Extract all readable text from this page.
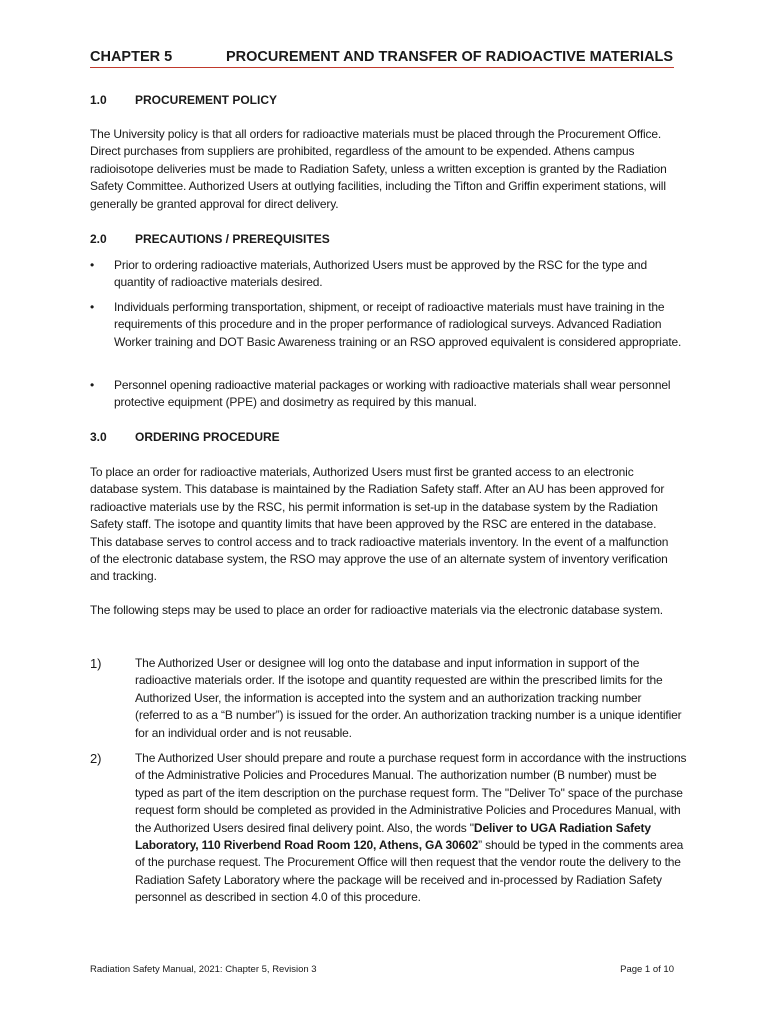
CHAPTER 5	PROCUREMENT AND TRANSFER OF RADIOACTIVE MATERIALS
1.0 PROCUREMENT POLICY

The University policy is that all orders for radioactive materials must be placed through the Procurement Office. Direct purchases from suppliers are prohibited, regardless of the amount to be expended. Athens campus radioisotope deliveries must be made to Radiation Safety, unless a written exception is granted by the Radiation Safety Committee. Authorized Users at outlying facilities, including the Tifton and Griffin experiment stations, will generally be granted approval for direct delivery.

2.0 PRECAUTIONS / PREREQUISITES
• Prior to ordering radioactive materials, Authorized Users must be approved by the RSC for the type and quantity of radioactive materials desired.
• Individuals performing transportation, shipment, or receipt of radioactive materials must have training in the requirements of this procedure and in the proper performance of radiological surveys. Advanced Radiation Worker training and DOT Basic Awareness training or an RSO approved equivalent is considered appropriate.
• Personnel opening radioactive material packages or working with radioactive materials shall wear personnel protective equipment (PPE) and dosimetry as required by this manual.
3.0 ORDERING PROCEDURE

To place an order for radioactive materials, Authorized Users must first be granted access to an electronic database system. This database is maintained by the Radiation Safety staff. After an AU has been approved for radioactive materials use by the RSC, his permit information is set-up in the database system by the Radiation Safety staff. The isotope and quantity limits that have been approved by the RSC are entered in the database. This database serves to control access and to track radioactive materials inventory. In the event of a malfunction of the electronic database system, the RSO may approve the use of an alternate system of inventory verification and tracking.

The following steps may be used to place an order for radioactive materials via the electronic database system.

1)	The Authorized User or designee will log onto the database and input information in support of the radioactive materials order. If the isotope and quantity requested are within the prescribed limits for the Authorized User, the information is accepted into the system and an authorization tracking number (referred to as a “B number”) is issued for the order. An authorization tracking number is a unique identifier for an individual order and is not reusable.
2)	The Authorized User should prepare and route a purchase request form in accordance with the instructions of the Administrative Policies and Procedures Manual. The authorization number (B number) must be typed as part of the item description on the purchase request form. The "Deliver To" space of the purchase request form should be completed as provided in the Administrative Policies and Procedures Manual, with the Authorized Users desired final delivery point. Also, the words "Deliver to UGA Radiation Safety Laboratory, 110 Riverbend Road Room 120, Athens, GA 30602” should be typed in the comments area of the purchase request. The Procurement Office will then request that the vendor route the delivery to the Radiation Safety Laboratory where the package will be received and in-processed by Radiation Safety personnel as described in section 4.0 of this procedure.
Radiation Safety Manual, 2021: Chapter 5, Revision 3	Page 1 of 10
